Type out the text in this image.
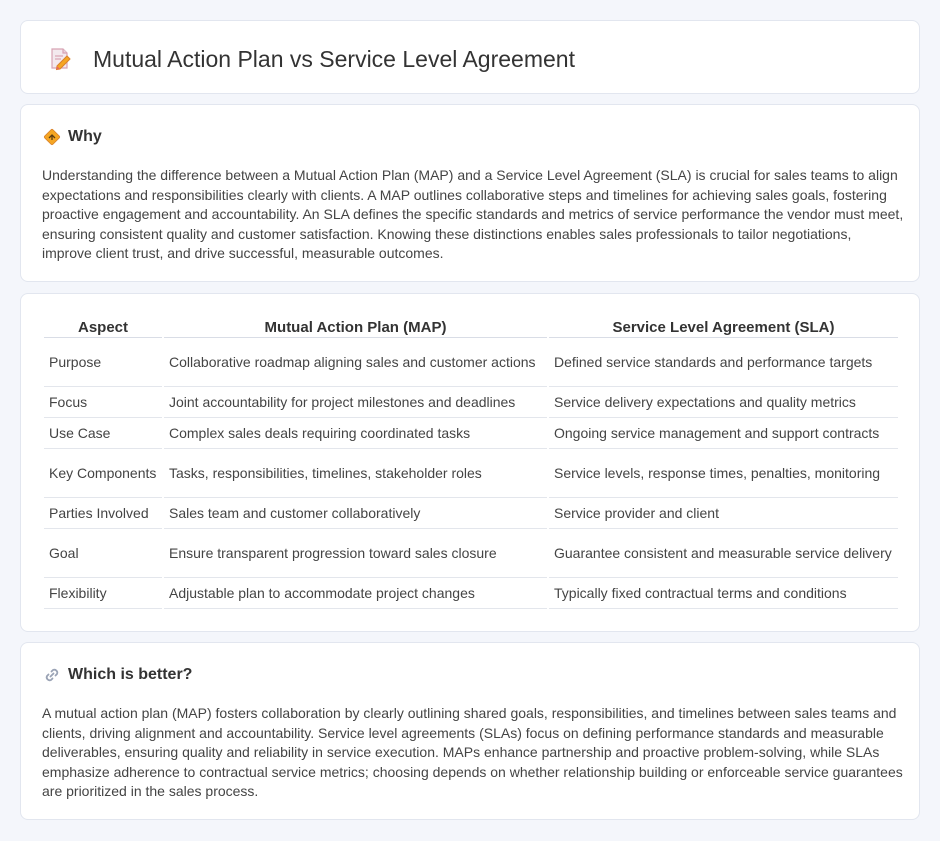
Mutual Action Plan vs Service Level Agreement
Why

Understanding the difference between a Mutual Action Plan (MAP) and a Service Level Agreement (SLA) is crucial for sales teams to align expectations and responsibilities clearly with clients. A MAP outlines collaborative steps and timelines for achieving sales goals, fostering proactive engagement and accountability. An SLA defines the specific standards and metrics of service performance the vendor must meet, ensuring consistent quality and customer satisfaction. Knowing these distinctions enables sales professionals to tailor negotiations, improve client trust, and drive successful, measurable outcomes.

Aspect	Mutual Action Plan (MAP)	Service Level Agreement (SLA)
Purpose	Collaborative roadmap aligning sales and customer actions	Defined service standards and performance targets
Focus	Joint accountability for project milestones and deadlines	Service delivery expectations and quality metrics
Use Case	Complex sales deals requiring coordinated tasks	Ongoing service management and support contracts
Key Components	Tasks, responsibilities, timelines, stakeholder roles	Service levels, response times, penalties, monitoring
Parties Involved	Sales team and customer collaboratively	Service provider and client
Goal	Ensure transparent progression toward sales closure	Guarantee consistent and measurable service delivery
Flexibility	Adjustable plan to accommodate project changes	Typically fixed contractual terms and conditions
Which is better?

A mutual action plan (MAP) fosters collaboration by clearly outlining shared goals, responsibilities, and timelines between sales teams and clients, driving alignment and accountability. Service level agreements (SLAs) focus on defining performance standards and measurable deliverables, ensuring quality and reliability in service execution. MAPs enhance partnership and proactive problem-solving, while SLAs emphasize adherence to contractual service metrics; choosing depends on whether relationship building or enforceable service guarantees are prioritized in the sales process.
